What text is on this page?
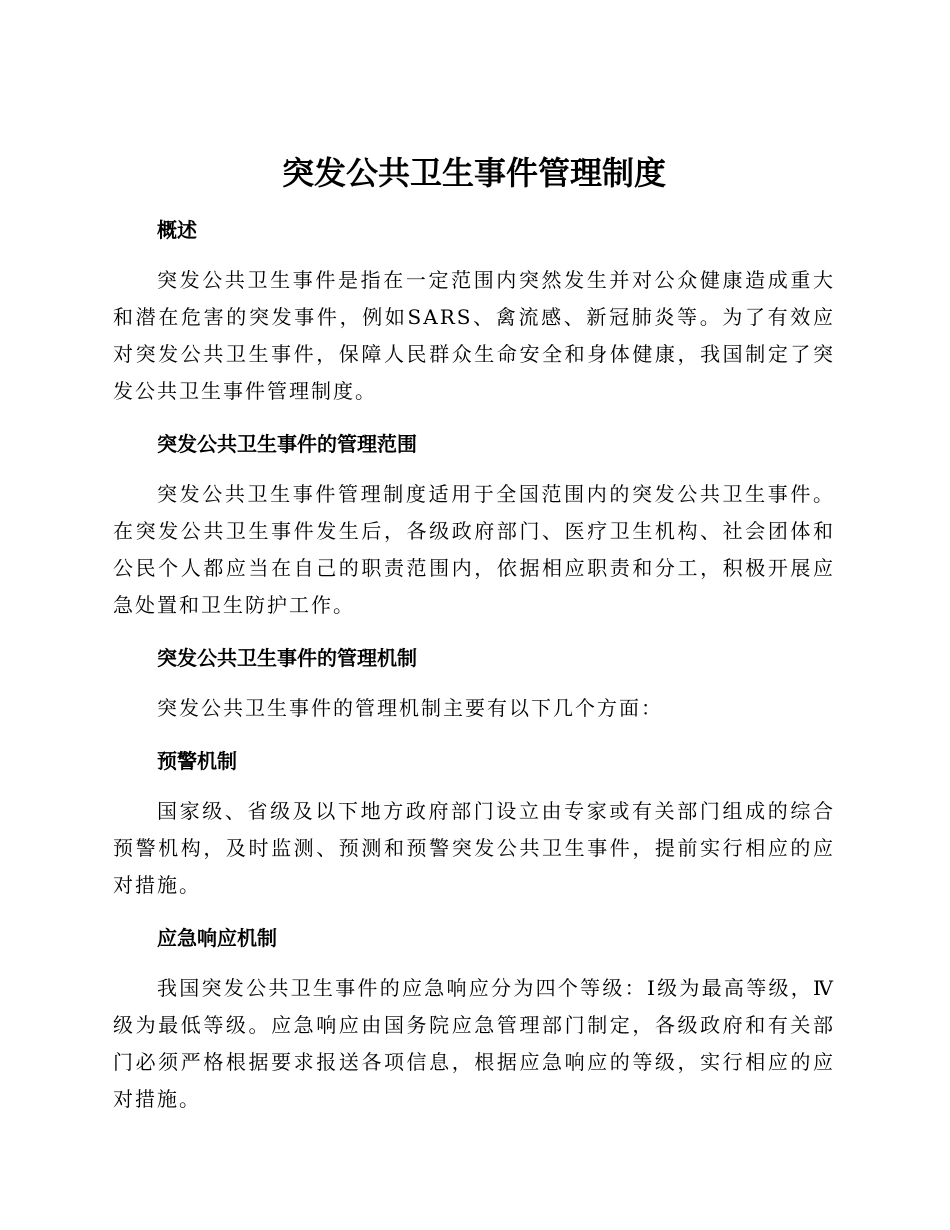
突发公共卫生事件管理制度
概述

突发公共卫生事件是指在一定范围内突然发生并对公众健康造成重大和潜在危害的突发事件，例如SARS、禽流感、新冠肺炎等。为了有效应对突发公共卫生事件，保障人民群众生命安全和身体健康，我国制定了突发公共卫生事件管理制度。

突发公共卫生事件的管理范围

突发公共卫生事件管理制度适用于全国范围内的突发公共卫生事件。在突发公共卫生事件发生后，各级政府部门、医疗卫生机构、社会团体和公民个人都应当在自己的职责范围内，依据相应职责和分工，积极开展应急处置和卫生防护工作。

突发公共卫生事件的管理机制

突发公共卫生事件的管理机制主要有以下几个方面：

预警机制

国家级、省级及以下地方政府部门设立由专家或有关部门组成的综合预警机构，及时监测、预测和预警突发公共卫生事件，提前实行相应的应对措施。

应急响应机制

我国突发公共卫生事件的应急响应分为四个等级：Ⅰ级为最高等级，Ⅳ级为最低等级。应急响应由国务院应急管理部门制定，各级政府和有关部门必须严格根据要求报送各项信息，根据应急响应的等级，实行相应的应对措施。
